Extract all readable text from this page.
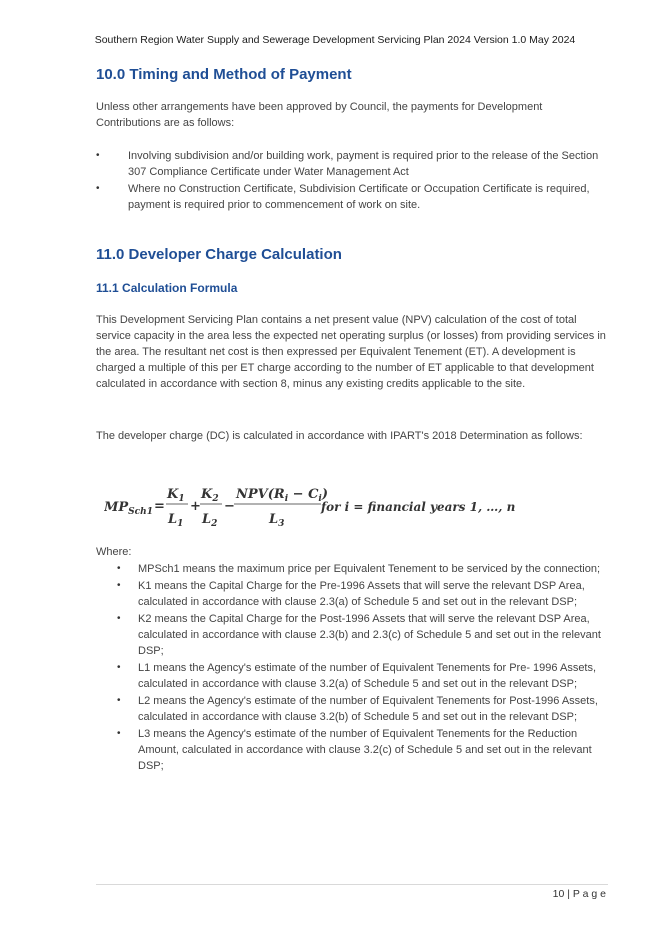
Southern Region Water Supply and Sewerage Development Servicing Plan 2024 Version 1.0 May 2024
10.0 Timing and Method of Payment

Unless other arrangements have been approved by Council, the payments for Development Contributions are as follows:

• Involving subdivision and/or building work, payment is required prior to the release of the Section 307 Compliance Certificate under Water Management Act
• Where no Construction Certificate, Subdivision Certificate or Occupation Certificate is required, payment is required prior to commencement of work on site.
11.0 Developer Charge Calculation
11.1 Calculation Formula

This Development Servicing Plan contains a net present value (NPV) calculation of the cost of total service capacity in the area less the expected net operating surplus (or losses) from providing services in the area. The resultant net cost is then expressed per Equivalent Tenement (ET). A development is charged a multiple of this per ET charge according to the number of ET applicable to that development calculated in accordance with section 8, minus any existing credits applicable to the site.

The developer charge (DC) is calculated in accordance with IPART's 2018 Determination as follows:

$MP_{Sch1}$ =
$K_1$
$L_1$
+
$K_2$
$L_2$
−
$NPV(R_i - C_i)$
$L_3$
for i = financial years 1, …, n

Where:

• MPSch1 means the maximum price per Equivalent Tenement to be serviced by the connection;
• K1 means the Capital Charge for the Pre-1996 Assets that will serve the relevant DSP Area, calculated in accordance with clause 2.3(a) of Schedule 5 and set out in the relevant DSP;
• K2 means the Capital Charge for the Post-1996 Assets that will serve the relevant DSP Area, calculated in accordance with clause 2.3(b) and 2.3(c) of Schedule 5 and set out in the relevant DSP;
• L1 means the Agency's estimate of the number of Equivalent Tenements for Pre- 1996 Assets, calculated in accordance with clause 3.2(a) of Schedule 5 and set out in the relevant DSP;
• L2 means the Agency's estimate of the number of Equivalent Tenements for Post-1996 Assets, calculated in accordance with clause 3.2(b) of Schedule 5 and set out in the relevant DSP;
• L3 means the Agency's estimate of the number of Equivalent Tenements for the Reduction Amount, calculated in accordance with clause 3.2(c) of Schedule 5 and set out in the relevant DSP;
10 | P a g e
